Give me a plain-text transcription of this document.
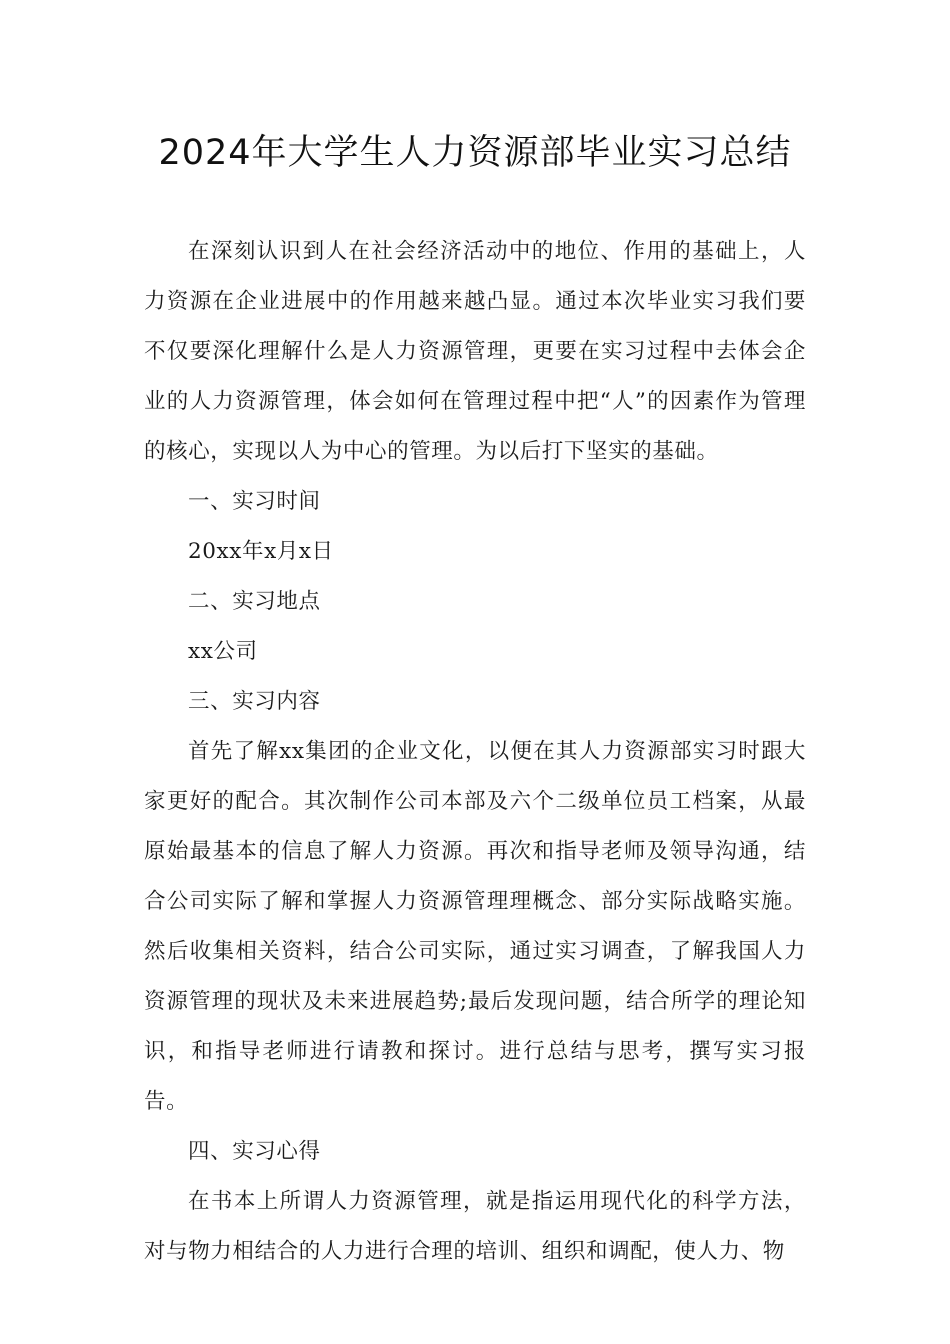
2024年大学生人力资源部毕业实习总结

在深刻认识到人在社会经济活动中的地位、作用的基础上，人力资源在企业进展中的作用越来越凸显。通过本次毕业实习我们要不仅要深化理解什么是人力资源管理，更要在实习过程中去体会企业的人力资源管理，体会如何在管理过程中把“人”的因素作为管理的核心，实现以人为中心的管理。为以后打下坚实的基础。

一、实习时间

20xx年x月x日

二、实习地点

xx公司

三、实习内容

首先了解xx集团的企业文化，以便在其人力资源部实习时跟大家更好的配合。其次制作公司本部及六个二级单位员工档案，从最原始最基本的信息了解人力资源。再次和指导老师及领导沟通，结合公司实际了解和掌握人力资源管理理概念、部分实际战略实施。然后收集相关资料，结合公司实际，通过实习调查，了解我国人力资源管理的现状及未来进展趋势;最后发现问题，结合所学的理论知识，和指导老师进行请教和探讨。进行总结与思考，撰写实习报告。

四、实习心得

在书本上所谓人力资源管理，就是指运用现代化的科学方法，对与物力相结合的人力进行合理的培训、组织和调配，使人力、物
